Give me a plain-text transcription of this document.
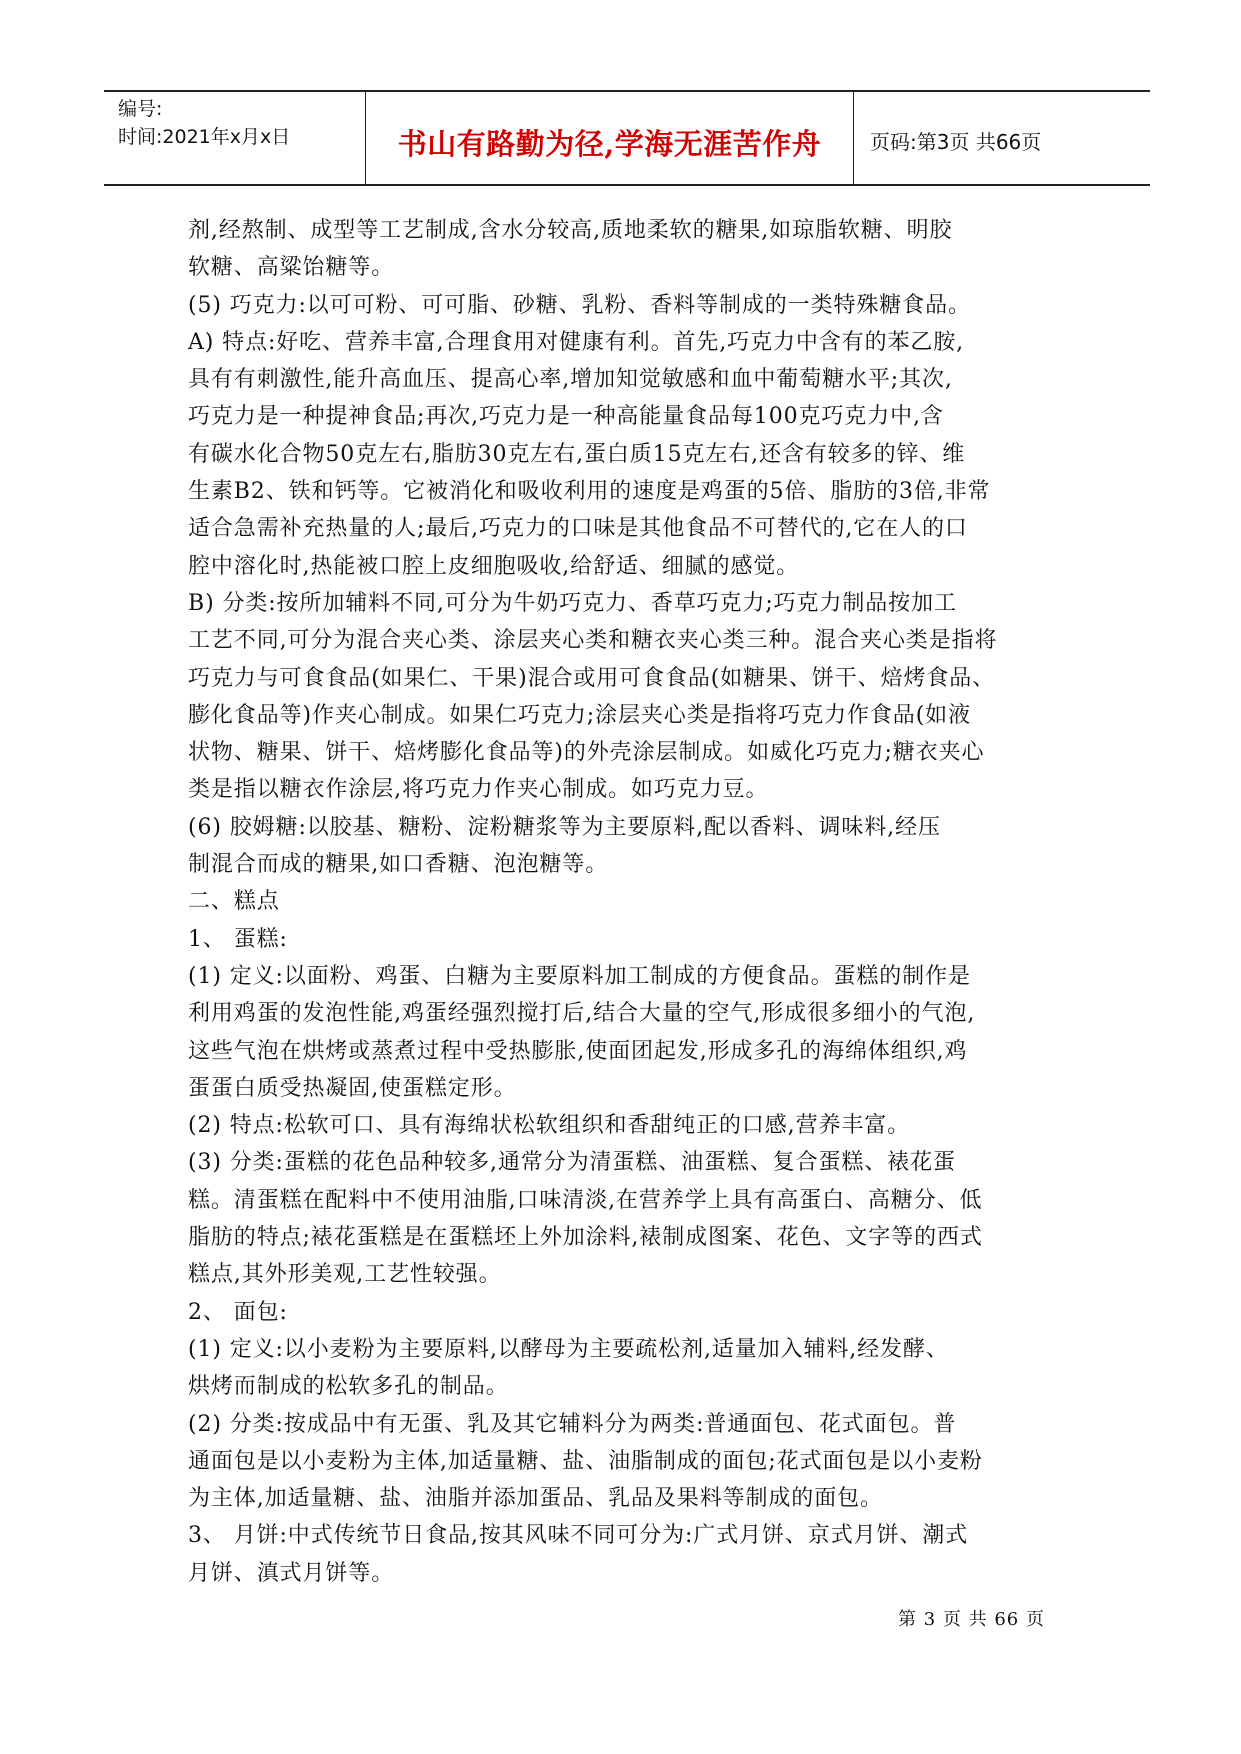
编号:
时间:2021年x月x日	书山有路勤为径,学海无涯苦作舟	页码:第3页 共66页
剂,经熬制、成型等工艺制成,含水分较高,质地柔软的糖果,如琼脂软糖、明胶
软糖、高粱饴糖等。
(5) 巧克力:以可可粉、可可脂、砂糖、乳粉、香料等制成的一类特殊糖食品。
A) 特点:好吃、营养丰富,合理食用对健康有利。首先,巧克力中含有的苯乙胺,
具有有刺激性,能升高血压、提高心率,增加知觉敏感和血中葡萄糖水平;其次,
巧克力是一种提神食品;再次,巧克力是一种高能量食品每100克巧克力中,含
有碳水化合物50克左右,脂肪30克左右,蛋白质15克左右,还含有较多的锌、维
生素B2、铁和钙等。它被消化和吸收利用的速度是鸡蛋的5倍、脂肪的3倍,非常
适合急需补充热量的人;最后,巧克力的口味是其他食品不可替代的,它在人的口
腔中溶化时,热能被口腔上皮细胞吸收,给舒适、细腻的感觉。
B) 分类:按所加辅料不同,可分为牛奶巧克力、香草巧克力;巧克力制品按加工
工艺不同,可分为混合夹心类、涂层夹心类和糖衣夹心类三种。混合夹心类是指将
巧克力与可食食品(如果仁、干果)混合或用可食食品(如糖果、饼干、焙烤食品、
膨化食品等)作夹心制成。如果仁巧克力;涂层夹心类是指将巧克力作食品(如液
状物、糖果、饼干、焙烤膨化食品等)的外壳涂层制成。如威化巧克力;糖衣夹心
类是指以糖衣作涂层,将巧克力作夹心制成。如巧克力豆。
(6) 胶姆糖:以胶基、糖粉、淀粉糖浆等为主要原料,配以香料、调味料,经压
制混合而成的糖果,如口香糖、泡泡糖等。
二、糕点
1、 蛋糕:
(1) 定义:以面粉、鸡蛋、白糖为主要原料加工制成的方便食品。蛋糕的制作是
利用鸡蛋的发泡性能,鸡蛋经强烈搅打后,结合大量的空气,形成很多细小的气泡,
这些气泡在烘烤或蒸煮过程中受热膨胀,使面团起发,形成多孔的海绵体组织,鸡
蛋蛋白质受热凝固,使蛋糕定形。
(2) 特点:松软可口、具有海绵状松软组织和香甜纯正的口感,营养丰富。
(3) 分类:蛋糕的花色品种较多,通常分为清蛋糕、油蛋糕、复合蛋糕、裱花蛋
糕。清蛋糕在配料中不使用油脂,口味清淡,在营养学上具有高蛋白、高糖分、低
脂肪的特点;裱花蛋糕是在蛋糕坯上外加涂料,裱制成图案、花色、文字等的西式
糕点,其外形美观,工艺性较强。
2、 面包:
(1) 定义:以小麦粉为主要原料,以酵母为主要疏松剂,适量加入辅料,经发酵、
烘烤而制成的松软多孔的制品。
(2) 分类:按成品中有无蛋、乳及其它辅料分为两类:普通面包、花式面包。普
通面包是以小麦粉为主体,加适量糖、盐、油脂制成的面包;花式面包是以小麦粉
为主体,加适量糖、盐、油脂并添加蛋品、乳品及果料等制成的面包。
3、 月饼:中式传统节日食品,按其风味不同可分为:广式月饼、京式月饼、潮式
月饼、滇式月饼等。
第 3 页 共 66 页
